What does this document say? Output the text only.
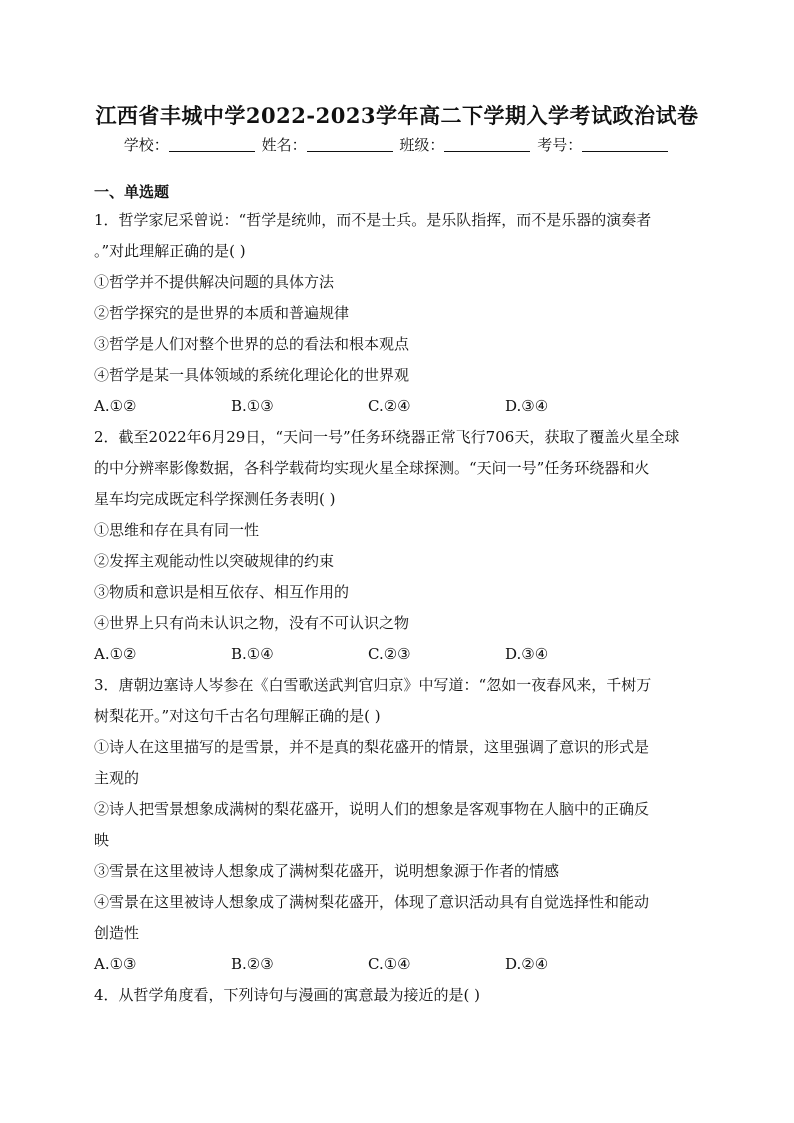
江西省丰城中学2022-2023学年高二下学期入学考试政治试卷
学校：	姓名：	班级：	考号：
一、单选题
1．哲学家尼采曾说：“哲学是统帅，而不是士兵。是乐队指挥，而不是乐器的演奏者
。”对此理解正确的是( )
①哲学并不提供解决问题的具体方法
②哲学探究的是世界的本质和普遍规律
③哲学是人们对整个世界的总的看法和根本观点
④哲学是某一具体领域的系统化理论化的世界观
A.①②	B.①③	C.②④	D.③④
2．截至2022年6月29日，“天问一号”任务环绕器正常飞行706天，获取了覆盖火星全球
的中分辨率影像数据，各科学载荷均实现火星全球探测。“天问一号”任务环绕器和火
星车均完成既定科学探测任务表明( )
①思维和存在具有同一性
②发挥主观能动性以突破规律的约束
③物质和意识是相互依存、相互作用的
④世界上只有尚未认识之物，没有不可认识之物
A.①②	B.①④	C.②③	D.③④
3．唐朝边塞诗人岑参在《白雪歌送武判官归京》中写道：“忽如一夜春风来，千树万
树梨花开。”对这句千古名句理解正确的是( )
①诗人在这里描写的是雪景，并不是真的梨花盛开的情景，这里强调了意识的形式是
主观的
②诗人把雪景想象成满树的梨花盛开，说明人们的想象是客观事物在人脑中的正确反
映
③雪景在这里被诗人想象成了满树梨花盛开，说明想象源于作者的情感
④雪景在这里被诗人想象成了满树梨花盛开，体现了意识活动具有自觉选择性和能动
创造性
A.①③	B.②③	C.①④	D.②④
4．从哲学角度看，下列诗句与漫画的寓意最为接近的是( )
